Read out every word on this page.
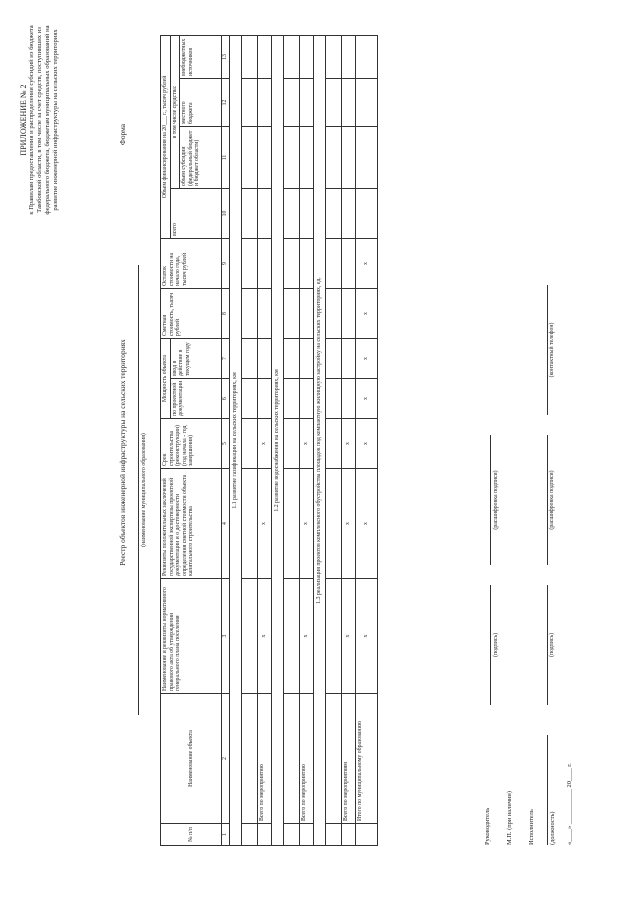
ПРИЛОЖЕНИЕ № 2 к Правилам предоставления и распределения субсидий из бюджета Тамбовской области, в том числе за счет средств, поступивших из федерального бюджета, бюджетам муниципальных образований на развитие инженерной инфраструктуры на сельских территориях	Форма
Реестр объектов инженерной инфраструктуры на сельских территориях (наименование муниципального образования)
№ п/п	Наименование объекта	Наименование и реквизиты нормативного правового акта об утверждении генерального плана поселения	Реквизиты положительных заключений государственной экспертизы проектной документации и о достоверности определения сметной стоимости объекта капитального строительства	Срок строительства (реконструкции) (год начала - год завершения)	Мощность объекта		Сметная стоимость, тысяч рублей	Остаток стоимости на начало года, тысяч рублей	Объем финансирования на 20___ г., тысяч рублей			
					по проектной документации	ввод в действие в текущем году			всего	в том числе средства:		
										объем субсидии (федеральный бюджет и бюджет области)	местного бюджета	внебюджетных источников
1	2	3	4	5	6	7	8	9	10	11	12	13
1.1 развитие газификации на сельских территориях, км												

	Всего по мероприятию	x	x	x								
1.2 развитие водоснабжения на сельских территориях, км												

	Всего по мероприятию	x	x	x								
1.3 реализация проектов комплексного обустройства площадок под компактную жилищную застройку на сельских территориях, ед.												

	Всего по мероприятиям	x	x	x								
	Итого по муниципальному образованию	x	x	x	x	x	x	x				
Руководитель
(подпись)
(расшифровка подписи)
М.П. (при наличии) Исполнитель (должность)
(подпись)
(расшифровка подписи)
(контактный телефон)
«____» ___________ 20____ г.
